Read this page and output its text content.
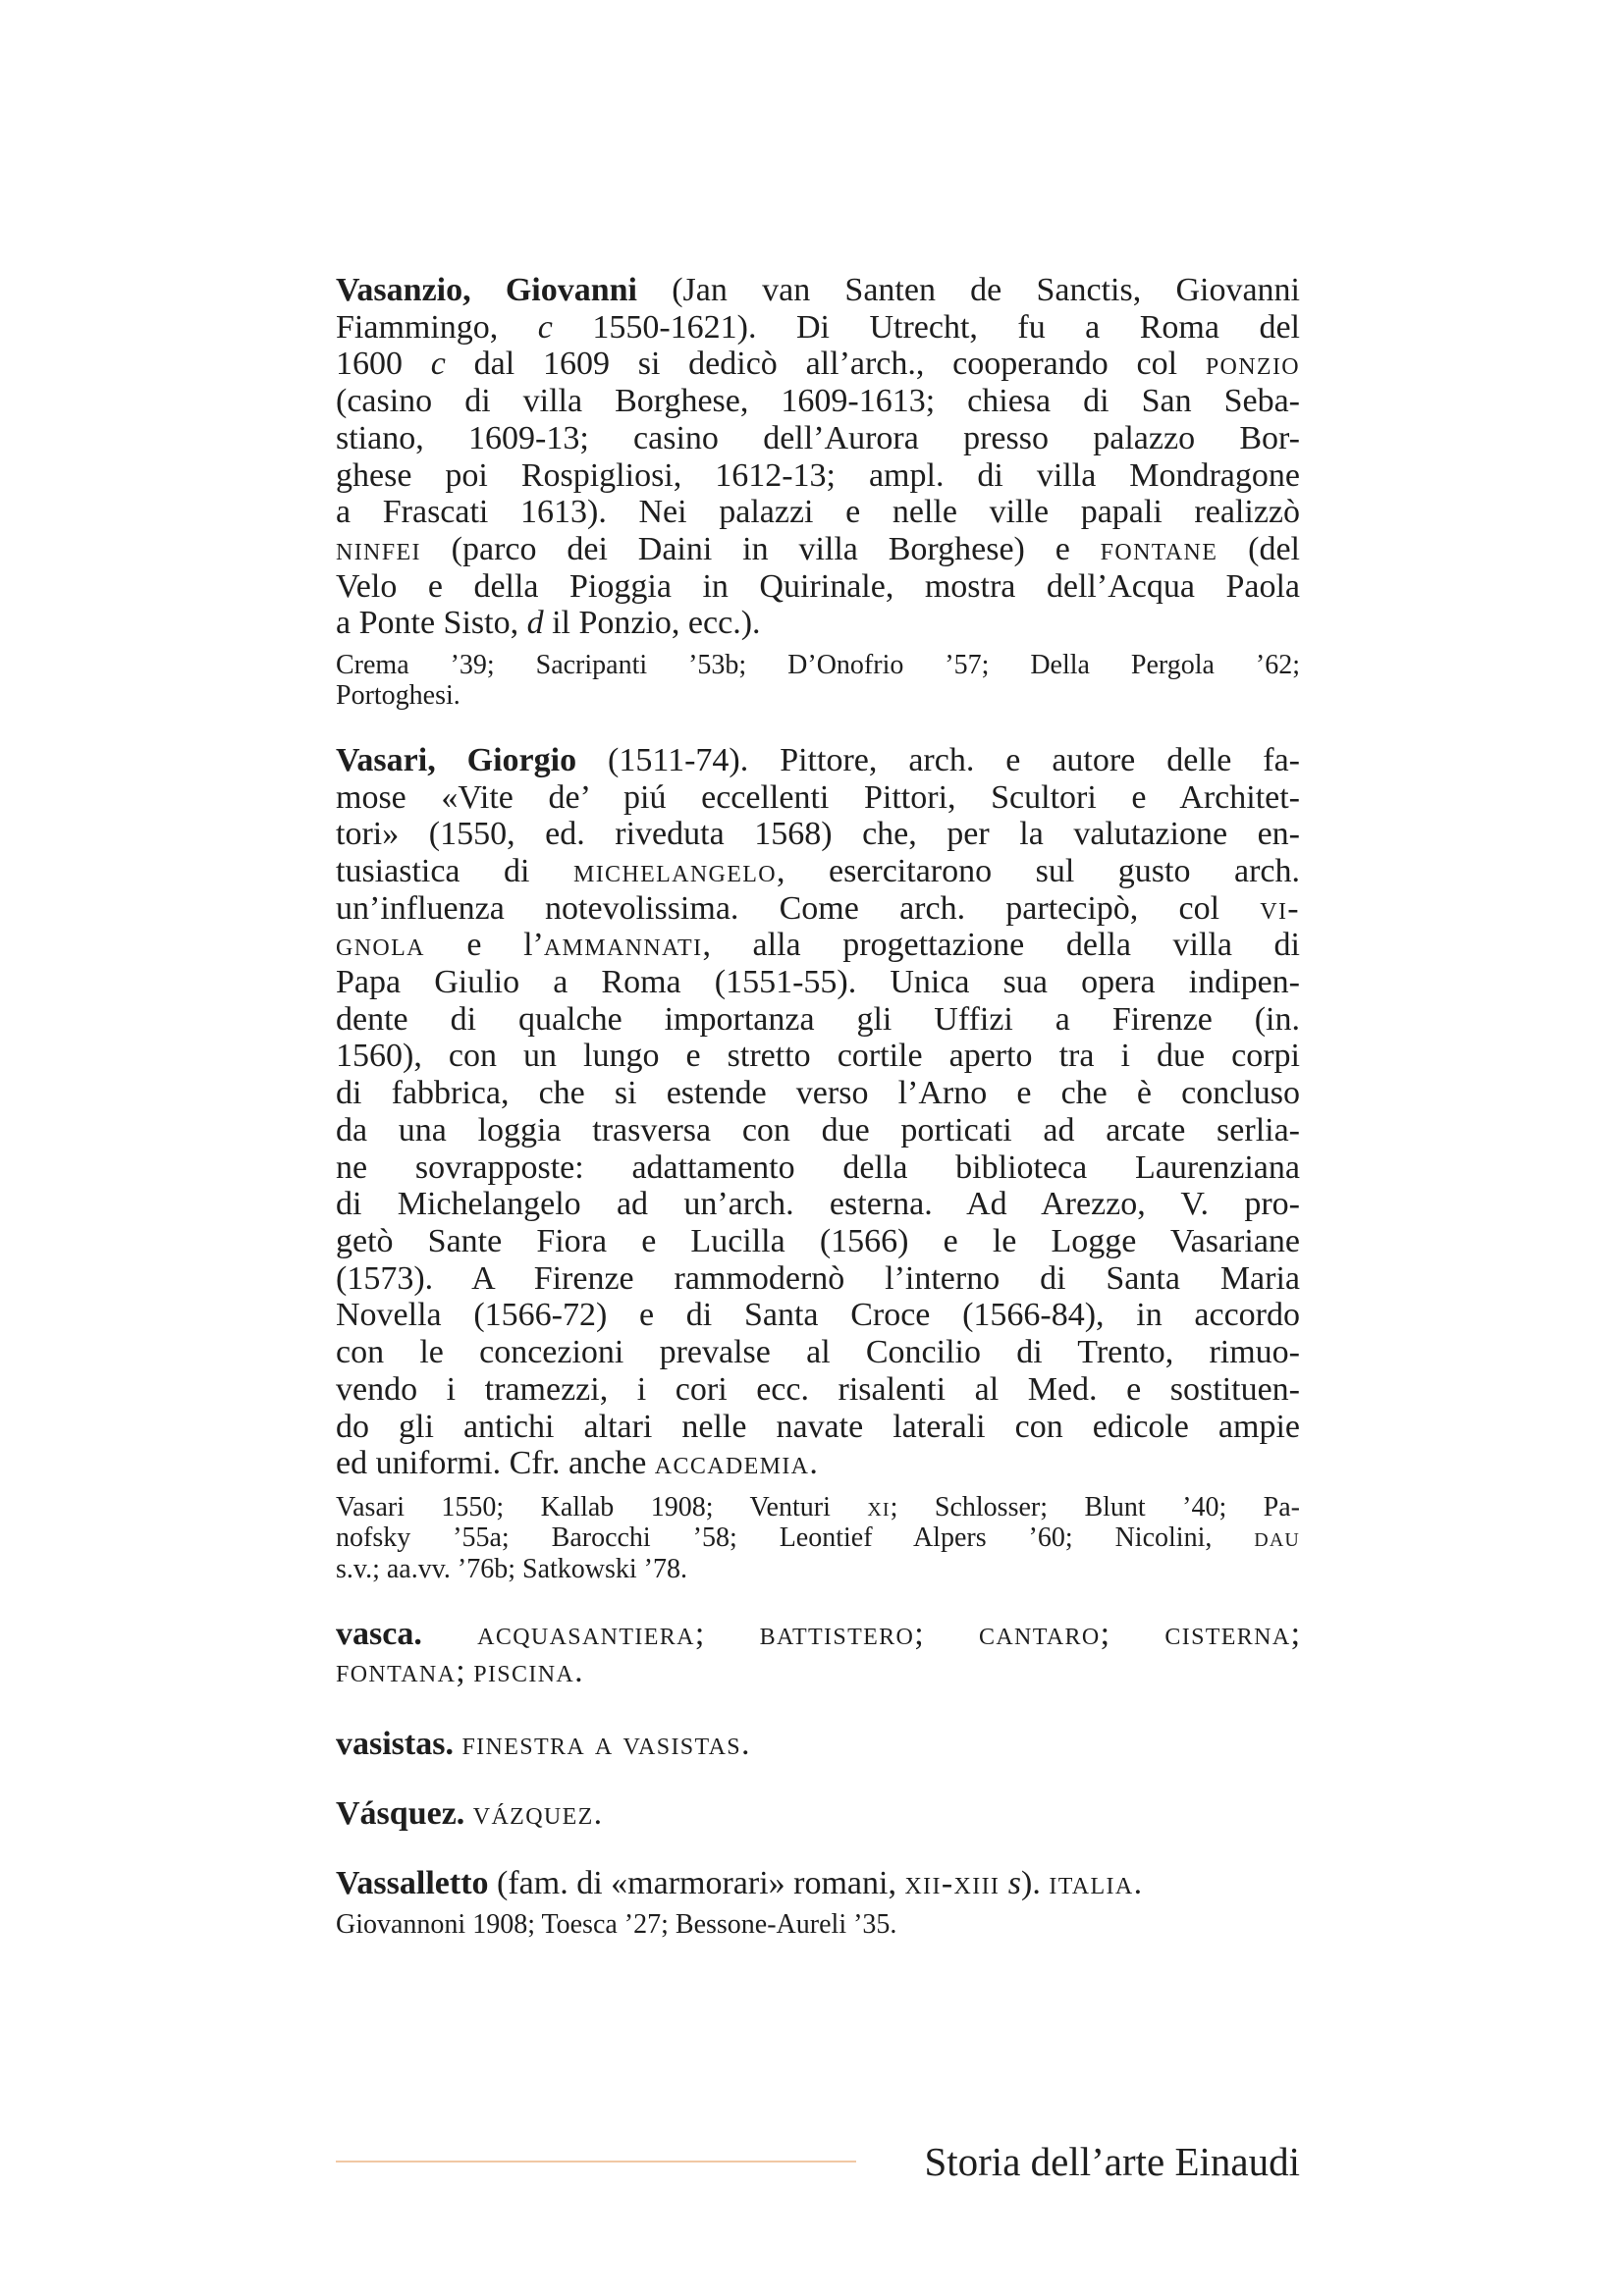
Vasanzio, Giovanni (Jan van Santen de Sanctis, Giovanni
Fiammingo, c 1550-1621). Di Utrecht, fu a Roma del
1600 c dal 1609 si dedicò all’arch., cooperando col ponzio
(casino di villa Borghese, 1609-1613; chiesa di San Seba-
stiano, 1609-13; casino dell’Aurora presso palazzo Bor-
ghese poi Rospigliosi, 1612-13; ampl. di villa Mondragone
a Frascati 1613). Nei palazzi e nelle ville papali realizzò
ninfei (parco dei Daini in villa Borghese) e fontane (del
Velo e della Pioggia in Quirinale, mostra dell’Acqua Paola
a Ponte Sisto, d il Ponzio, ecc.).
Crema ’39; Sacripanti ’53b; D’Onofrio ’57; Della Pergola ’62;
Portoghesi.
Vasari, Giorgio (1511-74). Pittore, arch. e autore delle fa-
mose «Vite de’ piú eccellenti Pittori, Scultori e Architet-
tori» (1550, ed. riveduta 1568) che, per la valutazione en-
tusiastica di michelangelo, esercitarono sul gusto arch.
un’influenza notevolissima. Come arch. partecipò, col vi-
gnola e l’ammannati, alla progettazione della villa di
Papa Giulio a Roma (1551-55). Unica sua opera indipen-
dente di qualche importanza gli Uffizi a Firenze (in.
1560), con un lungo e stretto cortile aperto tra i due corpi
di fabbrica, che si estende verso l’Arno e che è concluso
da una loggia trasversa con due porticati ad arcate serlia-
ne sovrapposte: adattamento della biblioteca Laurenziana
di Michelangelo ad un’arch. esterna. Ad Arezzo, V. pro-
getò Sante Fiora e Lucilla (1566) e le Logge Vasariane
(1573). A Firenze rammodernò l’interno di Santa Maria
Novella (1566-72) e di Santa Croce (1566-84), in accordo
con le concezioni prevalse al Concilio di Trento, rimuo-
vendo i tramezzi, i cori ecc. risalenti al Med. e sostituen-
do gli antichi altari nelle navate laterali con edicole ampie
ed uniformi. Cfr. anche accademia.
Vasari 1550; Kallab 1908; Venturi xi; Schlosser; Blunt ’40; Pa-
nofsky ’55a; Barocchi ’58; Leontief Alpers ’60; Nicolini, dau
s.v.; aa.vv. ’76b; Satkowski ’78.
vasca. acquasantiera; battistero; cantaro; cisterna;
fontana; piscina.
vasistas. finestra a vasistas.
Vásquez. vázquez.
Vassalletto (fam. di «marmorari» romani, xii-xiii s). italia.
Giovannoni 1908; Toesca ’27; Bessone-Aureli ’35.
Storia dell’arte Einaudi
